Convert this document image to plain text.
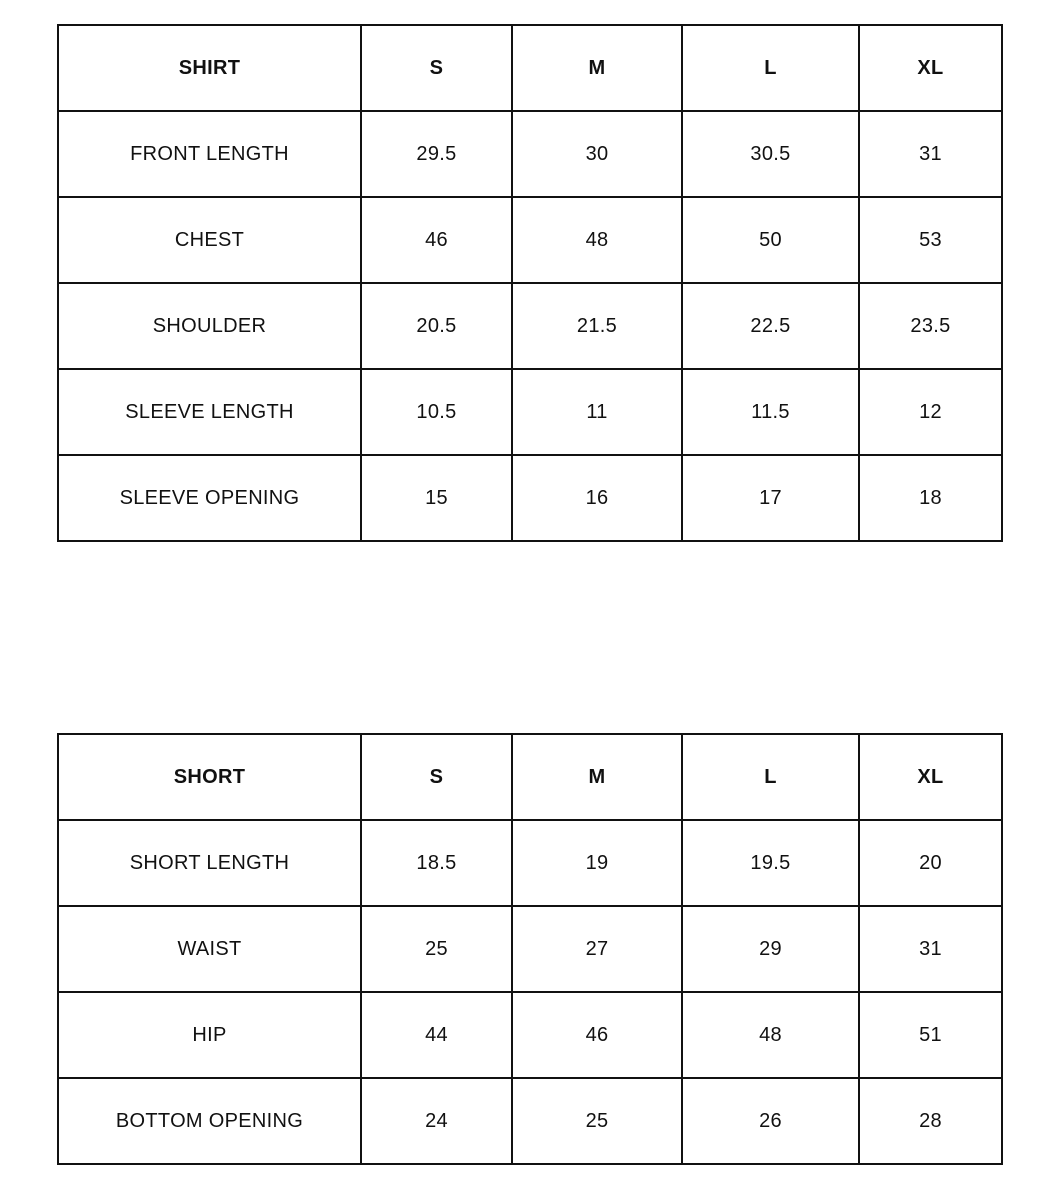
SHIRT	S	M	L	XL
FRONT LENGTH	29.5	30	30.5	31
CHEST	46	48	50	53
SHOULDER	20.5	21.5	22.5	23.5
SLEEVE LENGTH	10.5	11	11.5	12
SLEEVE OPENING	15	16	17	18
SHORT	S	M	L	XL
SHORT LENGTH	18.5	19	19.5	20
WAIST	25	27	29	31
HIP	44	46	48	51
BOTTOM OPENING	24	25	26	28
